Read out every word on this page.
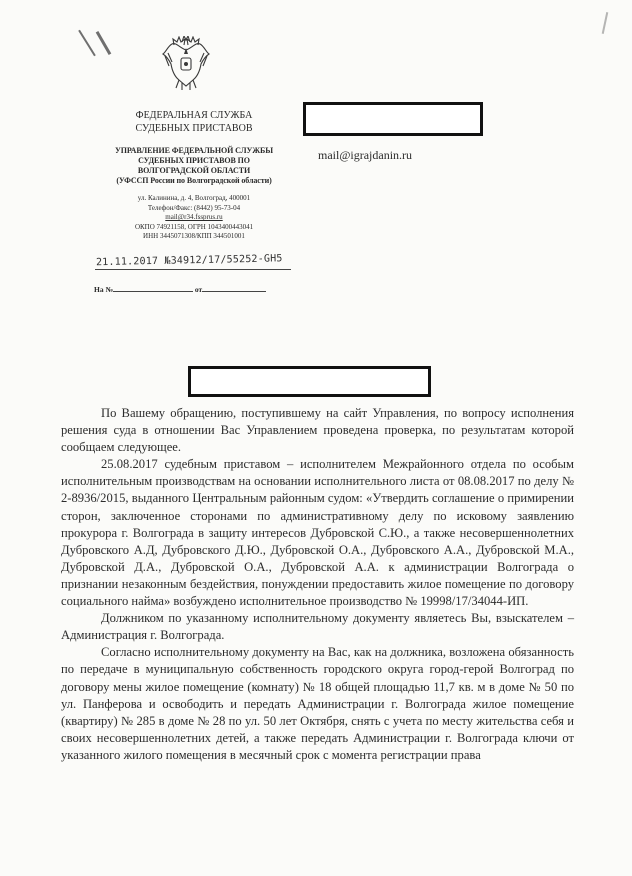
ФЕДЕРАЛЬНАЯ СЛУЖБА
СУДЕБНЫХ ПРИСТАВОВ
УПРАВЛЕНИЕ ФЕДЕРАЛЬНОЙ СЛУЖБЫ
СУДЕБНЫХ ПРИСТАВОВ ПО
ВОЛГОГРАДСКОЙ ОБЛАСТИ
(УФССП России по Волгоградской области)
ул. Калинина, д. 4, Волгоград, 400001
Телефон/Факс: (8442) 95-73-04
mail@r34.fssprus.ru
ОКПО 74921158, ОГРН 1043400443041
ИНН 3445071308/КПП 344501001
21.11.2017 №34912/17/55252-GH5
На №	от
mail@igrajdanin.ru

По Вашему обращению, поступившему на сайт Управления, по вопросу исполнения решения суда в отношении Вас Управлением проведена проверка, по результатам которой сообщаем следующее.

25.08.2017 судебным приставом – исполнителем Межрайонного отдела по особым исполнительным производствам на основании исполнительного листа от 08.08.2017 по делу № 2-8936/2015, выданного Центральным районным судом: «Утвердить соглашение о примирении сторон, заключенное сторонами по административному делу по исковому заявлению прокурора г. Волгограда в защиту интересов Дубровской С.Ю., а также несовершеннолетних Дубровского А.Д, Дубровского Д.Ю., Дубровской О.А., Дубровского А.А., Дубровской М.А., Дубровской Д.А., Дубровской О.А., Дубровской А.А. к администрации Волгограда о признании незаконным бездействия, понуждении предоставить жилое помещение по договору социального найма» возбуждено исполнительное производство № 19998/17/34044-ИП.

Должником по указанному исполнительному документу являетесь Вы, взыскателем – Администрация г. Волгограда.

Согласно исполнительному документу на Вас, как на должника, возложена обязанность по передаче в муниципальную собственность городского округа город-герой Волгоград по договору мены жилое помещение (комнату) № 18 общей площадью 11,7 кв. м в доме № 50 по ул. Панферова и освободить и передать Администрации г. Волгограда жилое помещение (квартиру) № 285 в доме № 28 по ул. 50 лет Октября, снять с учета по месту жительства себя и своих несовершеннолетних детей, а также передать Администрации г. Волгограда ключи от указанного жилого помещения в месячный срок с момента регистрации права
